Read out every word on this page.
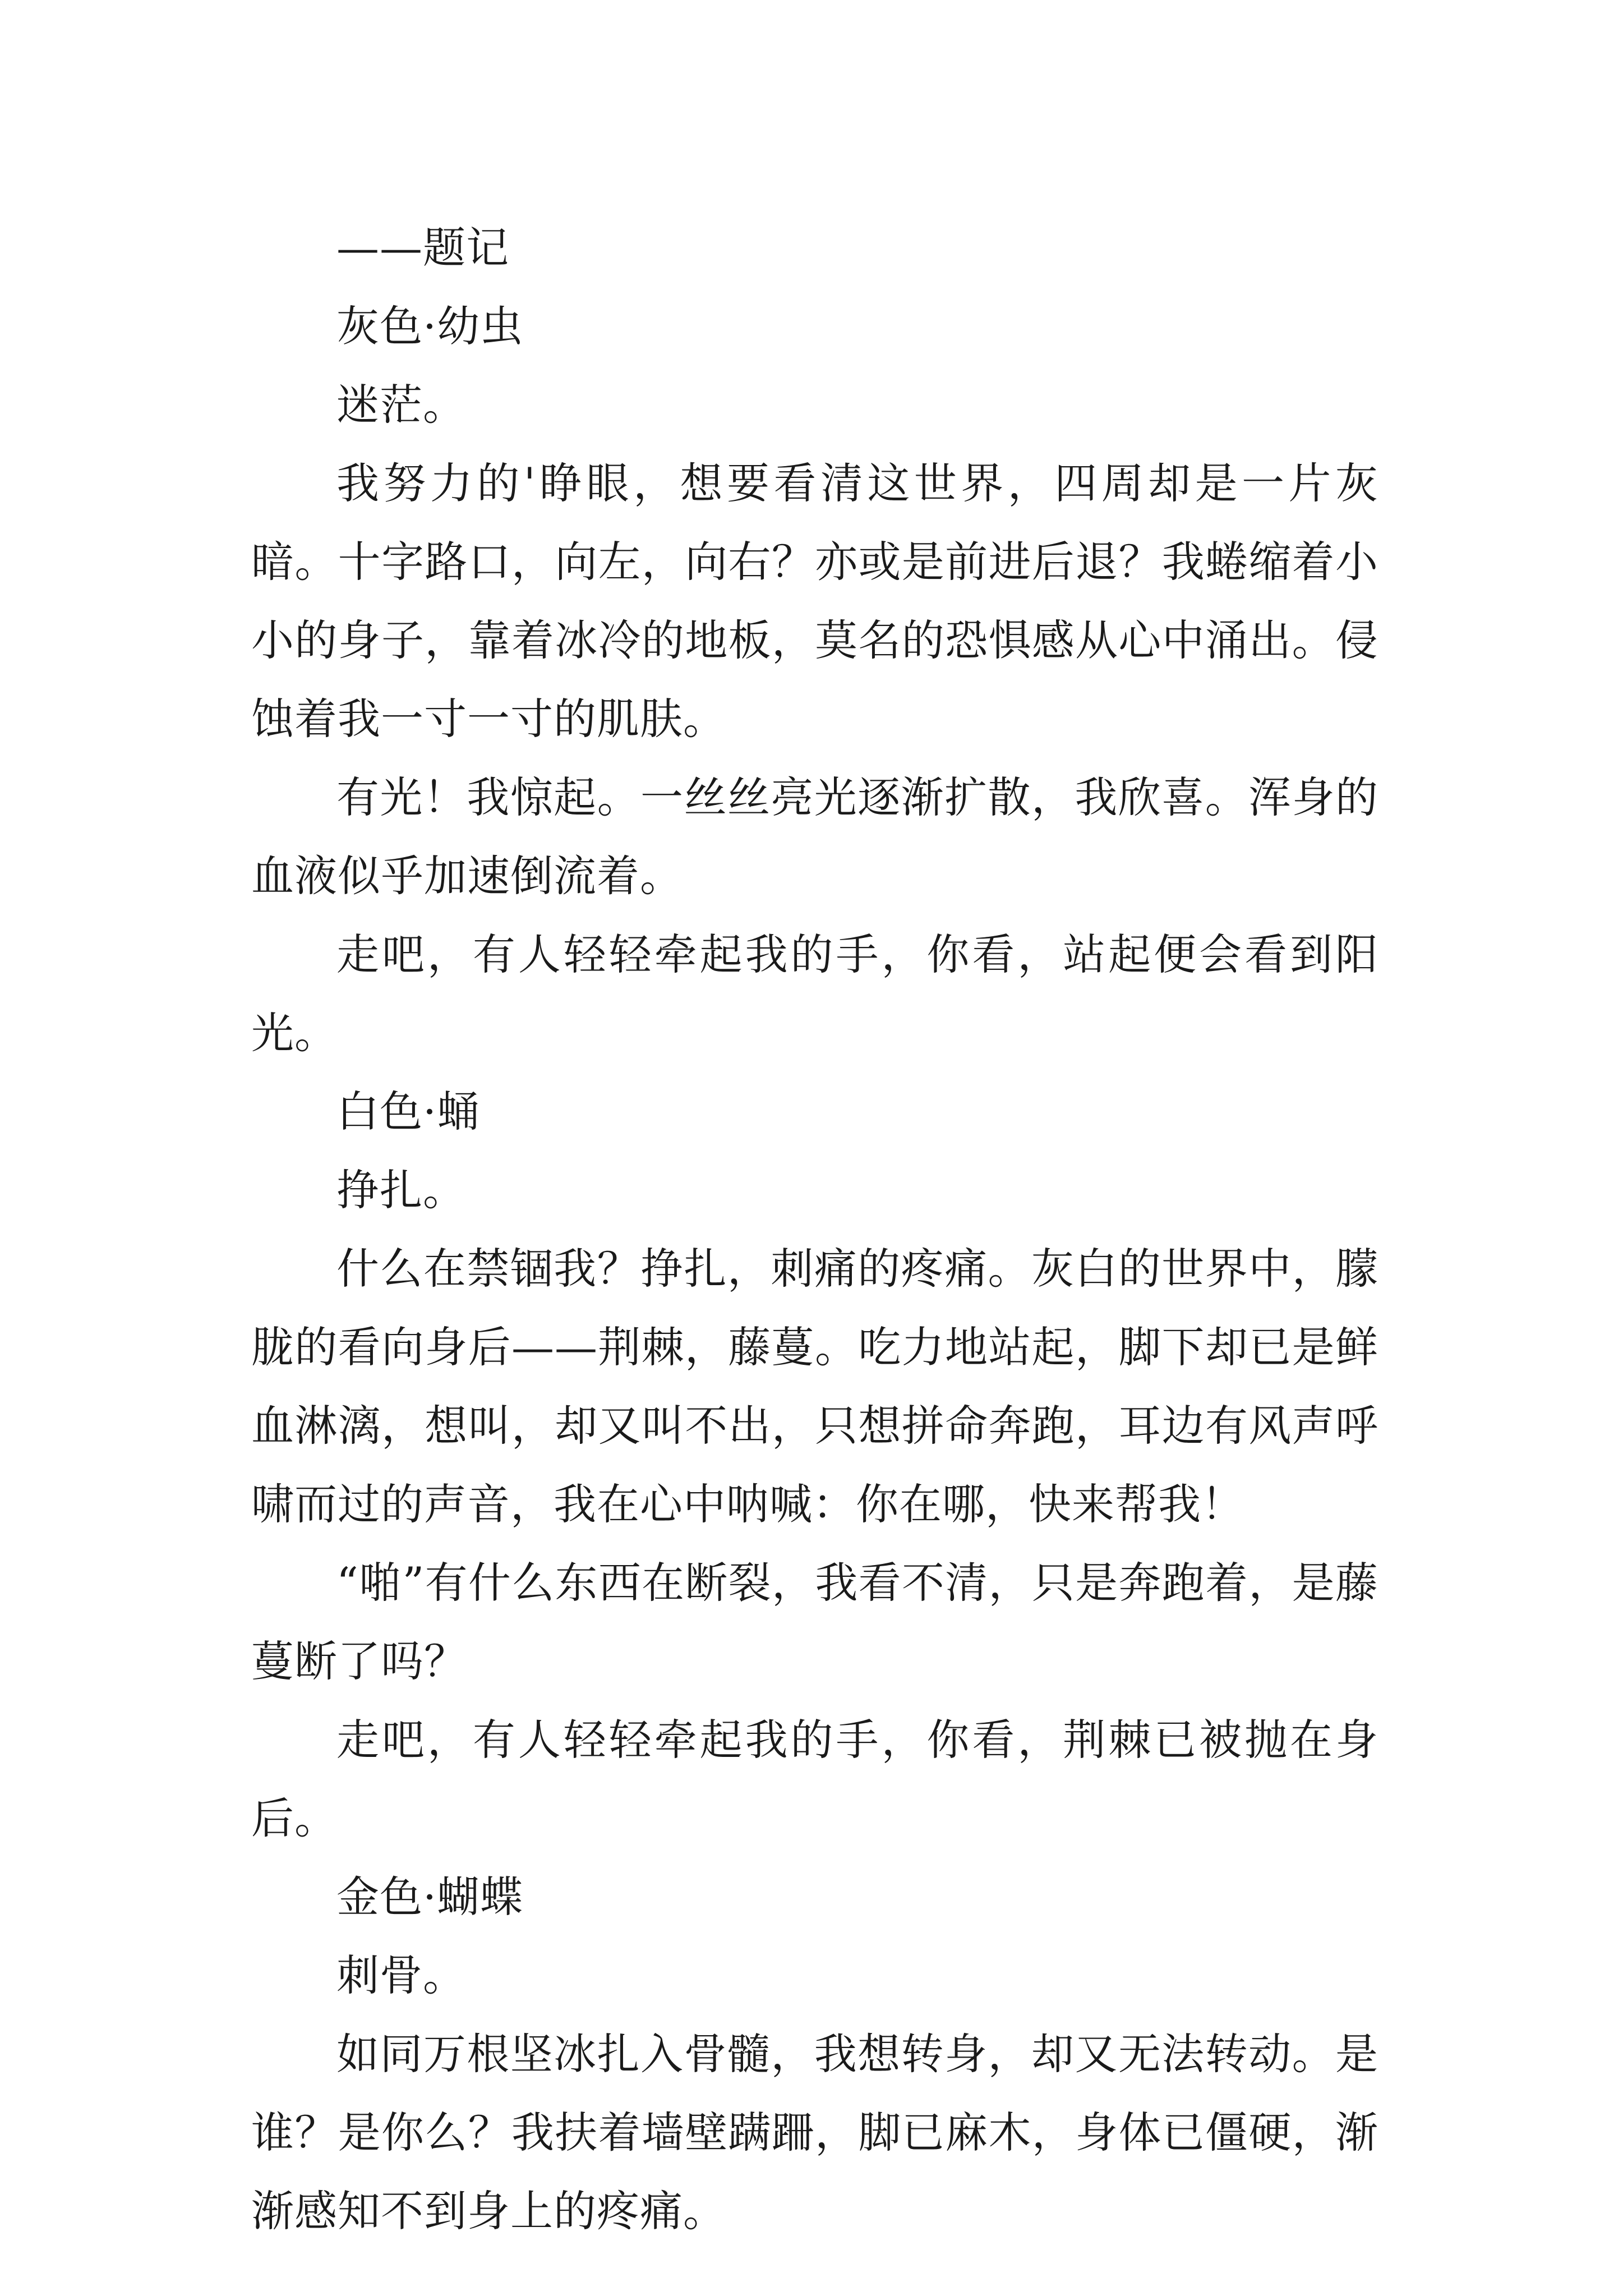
——题记

灰色·幼虫

迷茫。

我努力的'睁眼，想要看清这世界，四周却是一片灰暗。十字路口，向左，向右？亦或是前进后退？我蜷缩着小小的身子，靠着冰冷的地板，莫名的恐惧感从心中涌出。侵蚀着我一寸一寸的肌肤。

有光！我惊起。一丝丝亮光逐渐扩散，我欣喜。浑身的血液似乎加速倒流着。

走吧，有人轻轻牵起我的手，你看，站起便会看到阳光。

白色·蛹

挣扎。

什么在禁锢我？挣扎，刺痛的疼痛。灰白的世界中，朦胧的看向身后——荆棘，藤蔓。吃力地站起，脚下却已是鲜血淋漓，想叫，却又叫不出，只想拼命奔跑，耳边有风声呼啸而过的声音，我在心中呐喊：你在哪，快来帮我！

“啪”有什么东西在断裂，我看不清，只是奔跑着，是藤蔓断了吗？

走吧，有人轻轻牵起我的手，你看，荆棘已被抛在身后。

金色·蝴蝶

刺骨。

如同万根坚冰扎入骨髓，我想转身，却又无法转动。是谁？是你么？我扶着墙壁蹒跚，脚已麻木，身体已僵硬，渐渐感知不到身上的疼痛。
